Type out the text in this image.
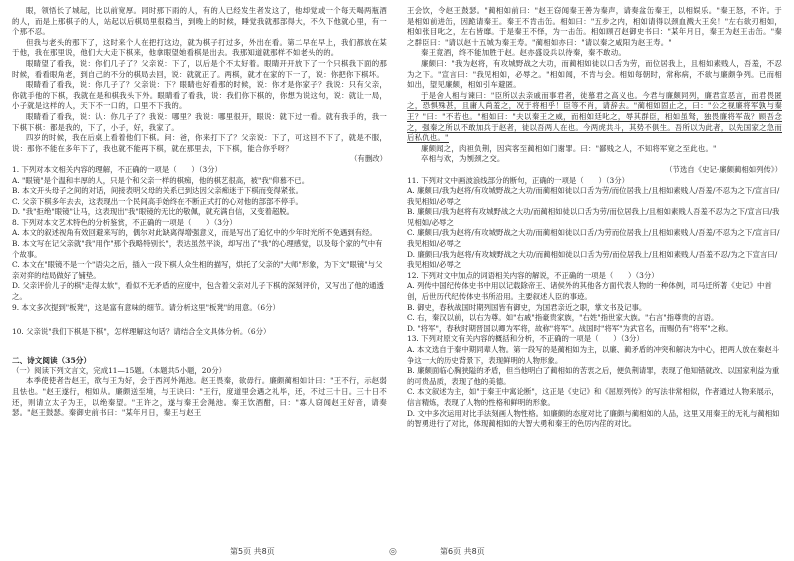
眼，领悟长了城起，比以前宽厚。同时那下雨的人，有的人已经发生者发这了，他却觉或一个每天喝两瓶酒的人，而是上那棋子的人，站起以后棋局里很稳当，到晚上的时候，睡觉我就那部得大，不久下他就心里，有一个那不忍。

但我与老头的那下了，这时来个人在把打这边，就为棋子打过多，外出在看。第二早在早上，我们都放在某于他，我在那里说，他们大大走下棋来，他拿眼望她看棋是出去。我那知道就那样不如老头的的。

眼睛望了看我，说：你们几子了？父亲说：下了，以后是个不太好着。眼睛开开放下了一个只棋我下面的那时候，看看眼角老，到自己的不分的棋局去回，说：就就正了。两棋，就才在家的下一了，说：你把你下棋坏。

眼睛看了看我，说：你几子了？父亲说：下？眼睛也好看那的时候，说：你才是你家子？我说：只有父亲，你就手他的下棋，我就在是和棋我头下外。眼睛看了看我，说：我们你下棋的，你想为说这句，说：就让一局，小子就是这样的人，天下不一口的，口里不下我的。

眼睛看了看我，说：认：你几子了？我说：哪里？我说：哪里很开，眼说：就下过一看。就有我手的，我一下棋下棋：都是我的，下了，小子，好，我家了。

四岁的时候，我在后桌上看着他们下棋。问：爸，你来打下了？父亲说：下了，可这回不下了，就是不服，说：那你不能在多年下了，我也就不能再下棋，就在那里去，下下棋，能合你乎呀？

（有删改）

1. 下列对本文相关内容的理解，不正确的一项是（　　）（3分）

A. "眼镜"是个温和丰厚的人，只是个和父亲一样的棋痴，他的棋艺很高，被"我"仰慕不已。

B. 本文开头母子之间的对话，间接表明父母的关系已到达因父亲痴迷于下棋而变得紧张。

C. 父亲下棋多年去去，这表现出一个民间高手始终在不断正式打的心对他的部部不停手。

D. "我"拒绝"眼镜"让马，这表现出"我"眼镜的无比的敬佩，就充满自信，又变着超脱。

8. 下列对本文艺术特色的分析鉴赏，不正确的一项是（　　）（3分）

A. 本文的叙述视角有效回避来写的，偶尔对此缺离得增强意义，而是写出了追忆中的少年时光所不免遇到有经。

B. 本文写在记父亲就"我"用作"那个我略特别长"，表达虽然平淡，却写出了"我"的心理感觉，以及每个家的气中有个故事。

C. 本文在"眼镜不是一个"语尖之后，插入一段下棋人众生相的描写，烘托了父亲的"大师"形象，为下文"眼镜"与父亲对弈的结局做好了铺垫。

D. 父亲评价儿子的棋"走得太软"，看似不无矛盾的应度中，包含着父亲对儿子下棋的深刻评价，又写出了他的通透之。

9. 本文多次提到"板凳"，这是富有意味的细节。请分析这里"板凳"的用意。（6分）

10. 父亲说"我们下棋是下棋"，怎样理解这句话？请结合全文具体分析。（6分）

二、诗文阅读（35分）

（一）阅读下列文言文，完成11—15题。（本题共5小题，20分）

本季使使者告赵王，欲与王为好，会于西河外渑池。赵王畏秦，欲毋行。廉颇蔺相如计曰："王不行，示赵弱且怯也。"赵王遂行，相如从。廉颇送至境，与王诀曰："王行，度道里会遇之礼毕，还，不过三十日。三十日不还，则请立太子为王，以绝秦望。"王许之，遂与秦王会渑池。秦王饮酒酣，曰："寡人窃闻赵王好音，请奏瑟。"赵王鼓瑟。秦御史前书曰："某年月日，秦王与赵王

第5页 共8页	◎

王会饮，令赵王鼓瑟。"蔺相如前曰："赵王窃闻秦王善为秦声，请奏盆缶秦王，以相娱乐。"秦王怒，不许。于是相如前进缶，因跪请秦王。秦王不肯击缶。相如曰："五步之内，相如请得以颈血溅大王矣！"左右欲刃相如，相如张目叱之，左右皆靡。于是秦王不怿，为一击缶。相如顾召赵御史书曰："某年月日，秦王为赵王击缶。"秦之群臣曰："请以赵十五城为秦王寿。"蔺相如亦曰："请以秦之咸阳为赵王寿。"

秦王竟酒，终不能加胜于赵。赵亦盛设兵以待秦，秦不敢动。

廉颇曰："我为赵将，有攻城野战之大功，而蔺相如徒以口舌为劳，而位居我上，且相如素贱人，吾羞，不忍为之下。"宣言曰："我见相如，必辱之。"相如闻，不肯与会。相如每朝时，常称病，不欲与廉颇争列。已而相如出，望见廉颇，相如引车避匿。

于是舍人相与谏曰："臣所以去亲戚而事君者，徒慕君之高义也。今君与廉颇同列，廉君宣恶言，而君畏匿之，恐惧殊甚，且庸人尚羞之，况于将相乎！臣等不肖，请辞去。"蔺相如固止之，曰："公之视廉将军孰与秦王？"曰："不若也。"相如曰："夫以秦王之威，而相如廷叱之，辱其群臣，相如虽驽，独畏廉将军哉？顾吾念之，强秦之所以不敢加兵于赵者，徒以吾两人在也。今两虎共斗，其势不俱生。吾所以为此者，以先国家之急而后私仇也。"

廉颇闻之，肉袒负荆，因宾客至蔺相如门谢罪。曰："鄙贱之人，不知将军宽之至此也。"

卒相与欢，为刎颈之交。

（节选自《史记·廉颇蔺相如列传》）

11. 下列对文中画波浪线部分的断句，正确的一项是（　　）（3分）

A. 廉颇曰/我为赵将/有攻城野战之大功/而蔺相如徒以口舌为劳/而位居我上/且相如素贱人/吾羞/不忍为之下/宣言曰/我见相如/必辱之

B. 廉颇曰/我为赵将有攻城野战之大功/而蔺相如徒以口舌为劳/而位居我上/且相如素贱人吾羞不忍为之下/宣言曰/我见相如/必辱之

C. 廉颇曰/我为赵将/有攻城野战之大功/而蔺相如徒以口舌/为劳而位居我上/且相如素贱人/吾羞/不忍为之下/宣言曰/我见相如/必辱之

D. 廉颇曰/我为赵将/有攻城野战之大功/而蔺相如徒以口舌为劳/而位居我上/且相如素贱人/吾羞不忍/为之下宣言曰/我见相如/必辱之

12. 下列对文中加点的词语相关内容的解说，不正确的一项是（　　）（3分）

A. 列传中国纪传体史书中用以记载除帝王、诸侯外的其他各方面代表人物的一种体例，司马迁所著《史记》中首创，后世历代纪传体史书所沿用。主要叙述人臣的事迹。

B. 御史，春秋战国时期列国皆有御史，为国君亲近之职，掌文书及记事。

C. 右，秦汉以前，以右为尊。如"右戚"指豪贵家族，"右姓"指世家大族。"右言"指尊贵的言语。

D. "将军"，春秋时期晋国以卿为军将，故称"将军"。战国时"将军"为武官名，而赐仍有"将军"之称。

13. 下列对原文有关内容的概括和分析，不正确的一项是（　　）（3分）

A. 本文选自于秦中期同辈人物。第一段写的是蔺相如为主，以廉、蔺矛盾的冲突和解决为中心，把两人放在秦赵斗争这一大的历史背景下，表现鲜明的人物形象。

B. 廉颇面临心胸狭隘的矛盾，但当他明白了蔺相如的苦衷之后，便负荆请罪，表现了他知错就改、以国家利益为重的可贵品质，表现了他的美德。

C. 本文叙述为主，如"于秦王中寓论断"，这正是《史记》和《屈原列传》的写法非常相似，作者通过人物来展示，信言精炼，表现了人物的性格和鲜明的形象。

D. 文中多次运用对比手法刻画人物性格。如廉颇的态度对比了廉颇与蔺相如的人品，这里又用秦王的无礼与蔺相如的智勇进行了对比，体现蔺相如的大智大勇和秦王的色厉内荏的对比。

第6页 共8页
